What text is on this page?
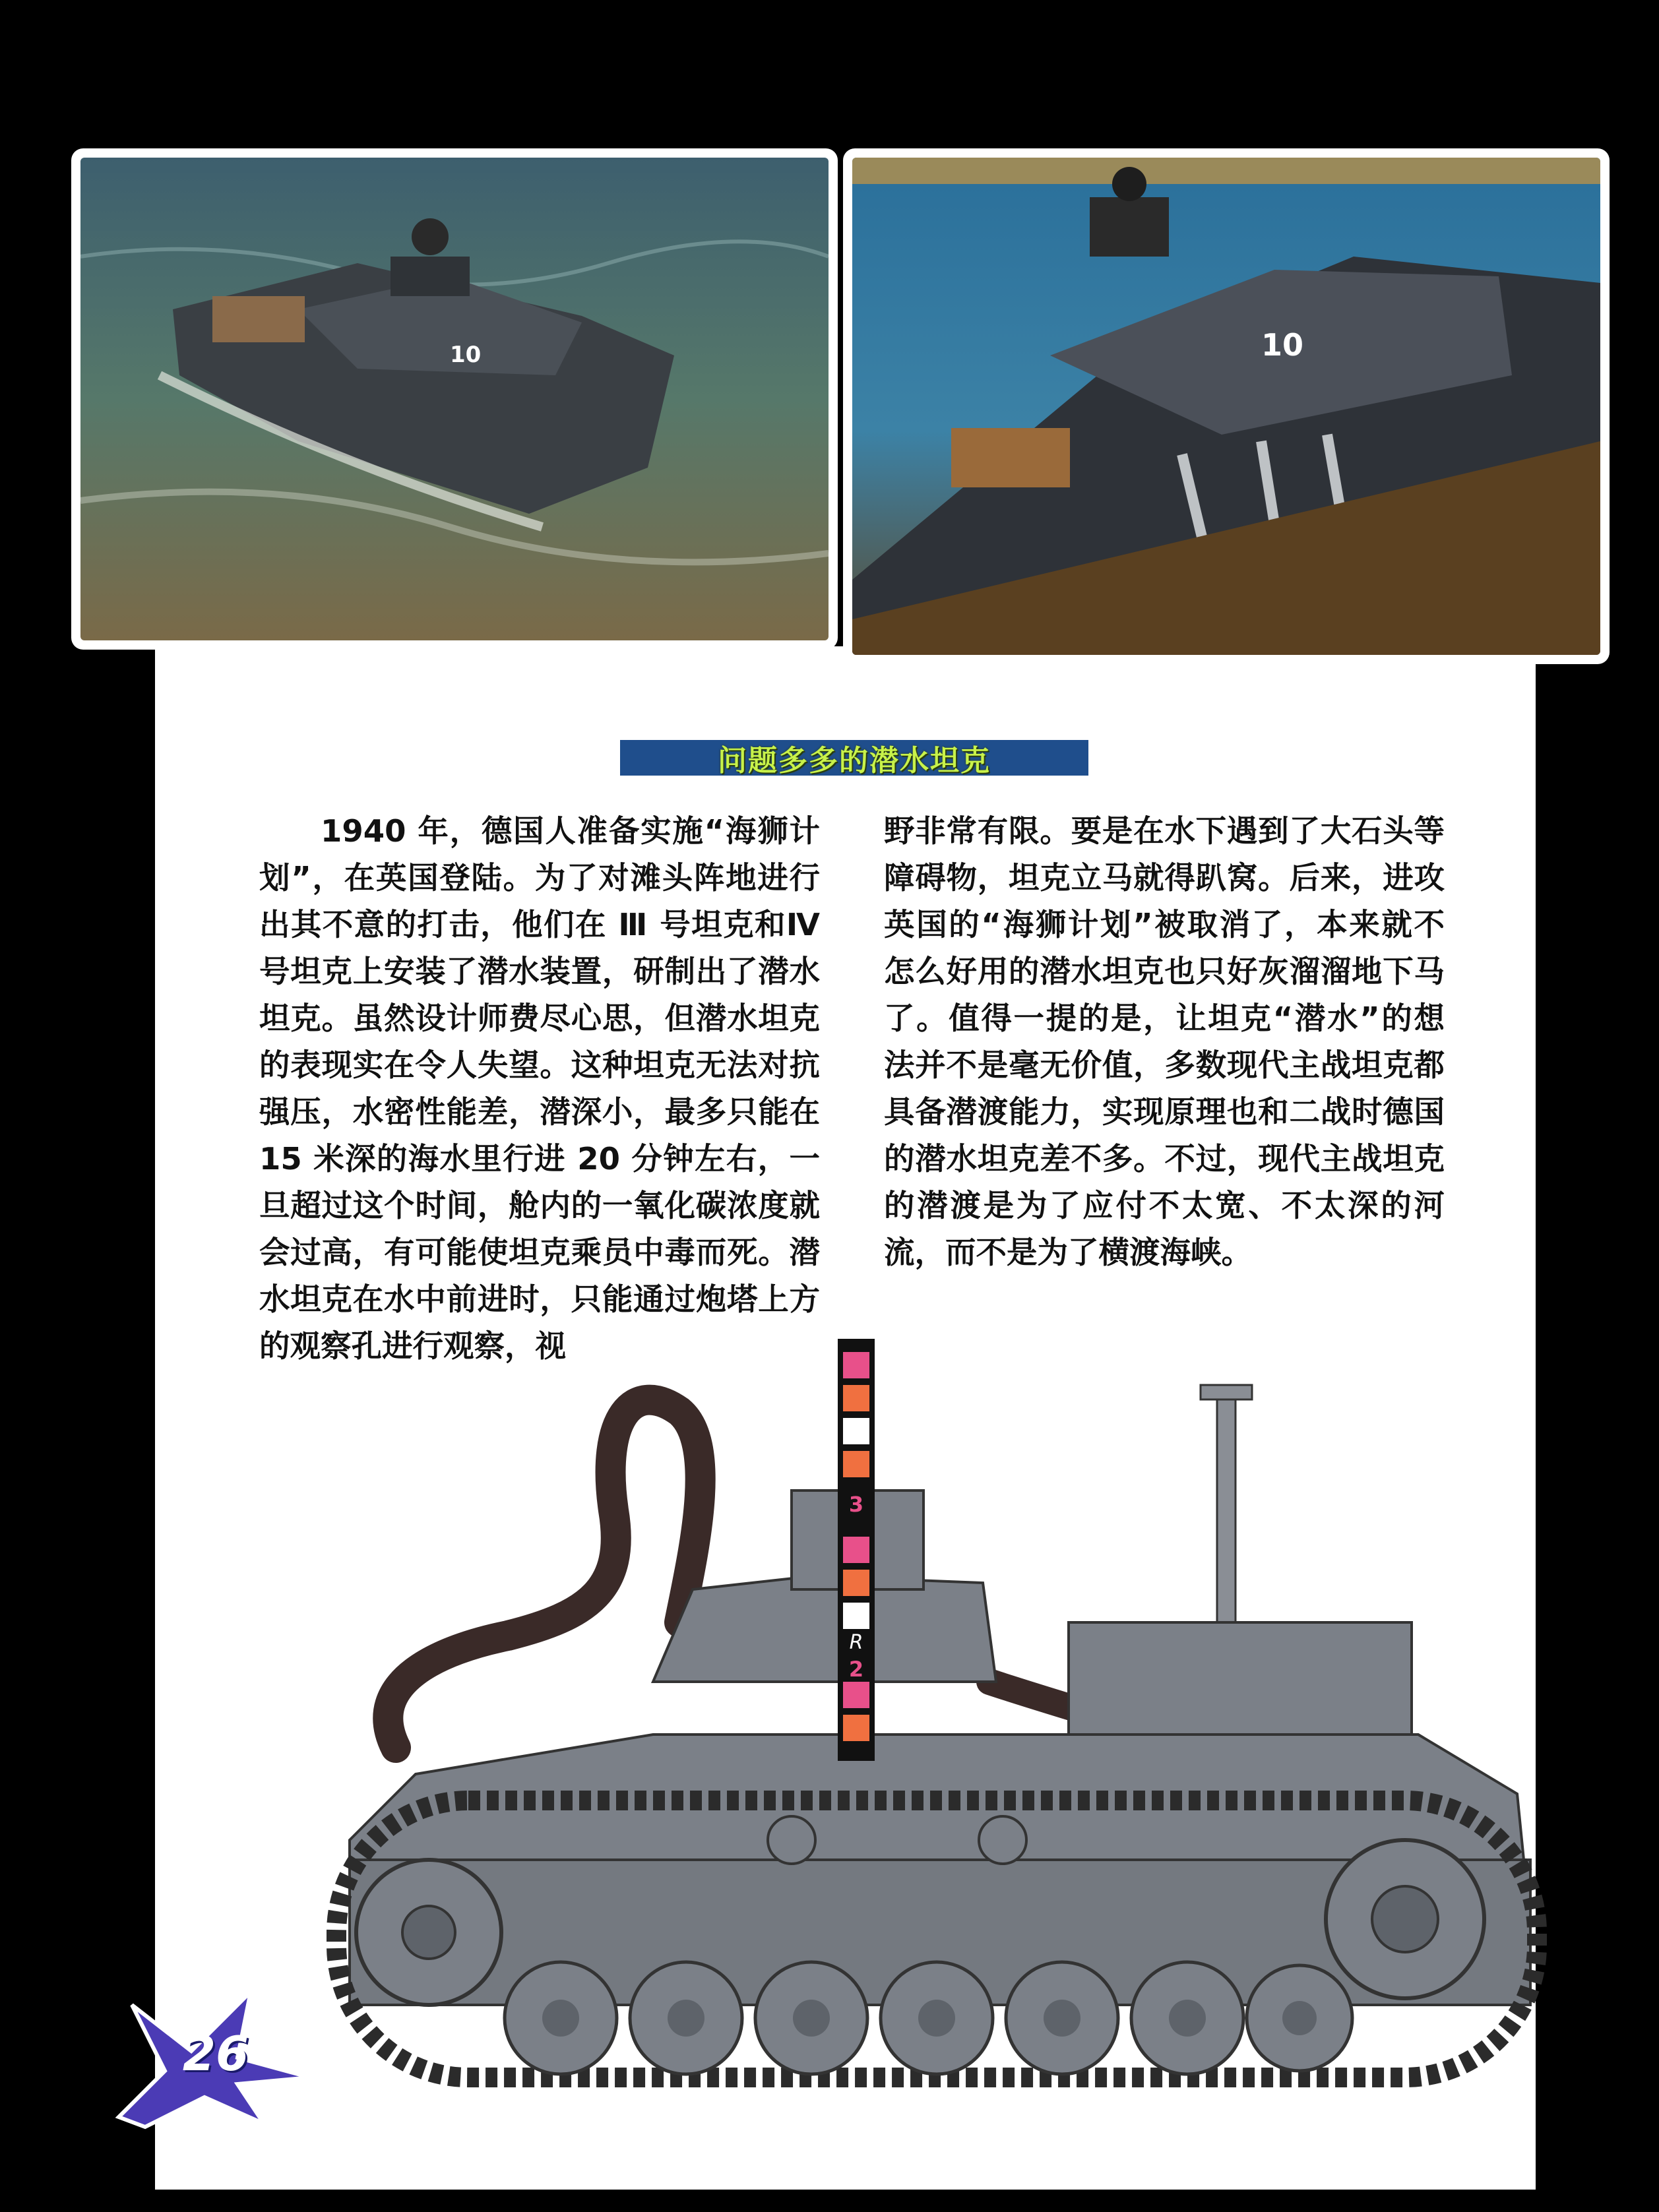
10	10
问题多多的潜水坦克
1940 年，德国人准备实施“海狮计划”，在英国登陆。为了对滩头阵地进行出其不意的打击，他们在 Ⅲ 号坦克和Ⅳ号坦克上安装了潜水装置，研制出了潜水坦克。虽然设计师费尽心思，但潜水坦克的表现实在令人失望。这种坦克无法对抗强压，水密性能差，潜深小，最多只能在 15 米深的海水里行进 20 分钟左右，一旦超过这个时间，舱内的一氧化碳浓度就会过高，有可能使坦克乘员中毒而死。潜水坦克在水中前进时，只能通过炮塔上方的观察孔进行观察，视
野非常有限。要是在水下遇到了大石头等障碍物，坦克立马就得趴窝。后来，进攻英国的“海狮计划”被取消了，本来就不怎么好用的潜水坦克也只好灰溜溜地下马了。值得一提的是，让坦克“潜水”的想法并不是毫无价值，多数现代主战坦克都具备潜渡能力，实现原理也和二战时德国的潜水坦克差不多。不过，现代主战坦克的潜渡是为了应付不太宽、不太深的河流，而不是为了横渡海峡。
3
R
2
26
